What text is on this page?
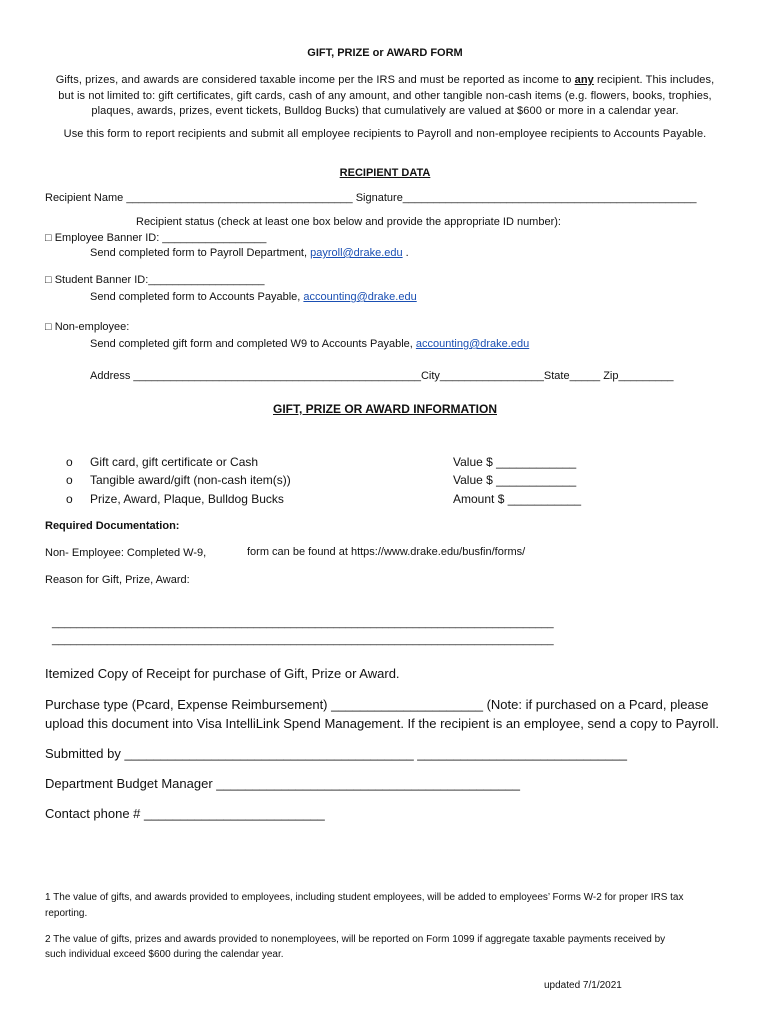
GIFT, PRIZE or AWARD FORM
Gifts, prizes, and awards are considered taxable income per the IRS and must be reported as income to any recipient. This includes,
but is not limited to: gift certificates, gift cards, cash of any amount, and other tangible non-cash items (e.g. flowers, books, trophies,
plaques, awards, prizes, event tickets, Bulldog Bucks) that cumulatively are valued at $600 or more in a calendar year.
Use this form to report recipients and submit all employee recipients to Payroll and non-employee recipients to Accounts Payable.
RECIPIENT DATA
Recipient Name _____________________________________ Signature________________________________________________
Recipient status (check at least one box below and provide the appropriate ID number):
□ Employee Banner ID: _________________
Send completed form to Payroll Department, payroll@drake.edu .
□ Student Banner ID:___________________
Send completed form to Accounts Payable, accounting@drake.edu
□ Non-employee:
Send completed gift form and completed W9 to Accounts Payable, accounting@drake.edu
Address _______________________________________________City_________________State_____ Zip_________
GIFT, PRIZE OR AWARD INFORMATION
o Gift card, gift certificate or Cash	Value $ ____________
o Tangible award/gift (non-cash item(s))	Value $ ____________
o Prize, Award, Plaque, Bulldog Bucks	Amount $ ___________
Required Documentation:
Non- Employee: Completed W-9,	form can be found at https://www.drake.edu/busfin/forms/
Reason for Gift, Prize, Award:
__________________________________________________________________________________
__________________________________________________________________________________
Itemized Copy of Receipt for purchase of Gift, Prize or Award.
Purchase type (Pcard, Expense Reimbursement) _____________________ (Note: if purchased on a Pcard, please
upload this document into Visa IntelliLink Spend Management. If the recipient is an employee, send a copy to Payroll.
Submitted by ________________________________________ _____________________________
Department Budget Manager __________________________________________
Contact phone # _________________________
1 The value of gifts, and awards provided to employees, including student employees, will be added to employees’ Forms W-2 for proper IRS tax
reporting.
2 The value of gifts, prizes and awards provided to nonemployees, will be reported on Form 1099 if aggregate taxable payments received by
such individual exceed $600 during the calendar year.
updated 7/1/2021
